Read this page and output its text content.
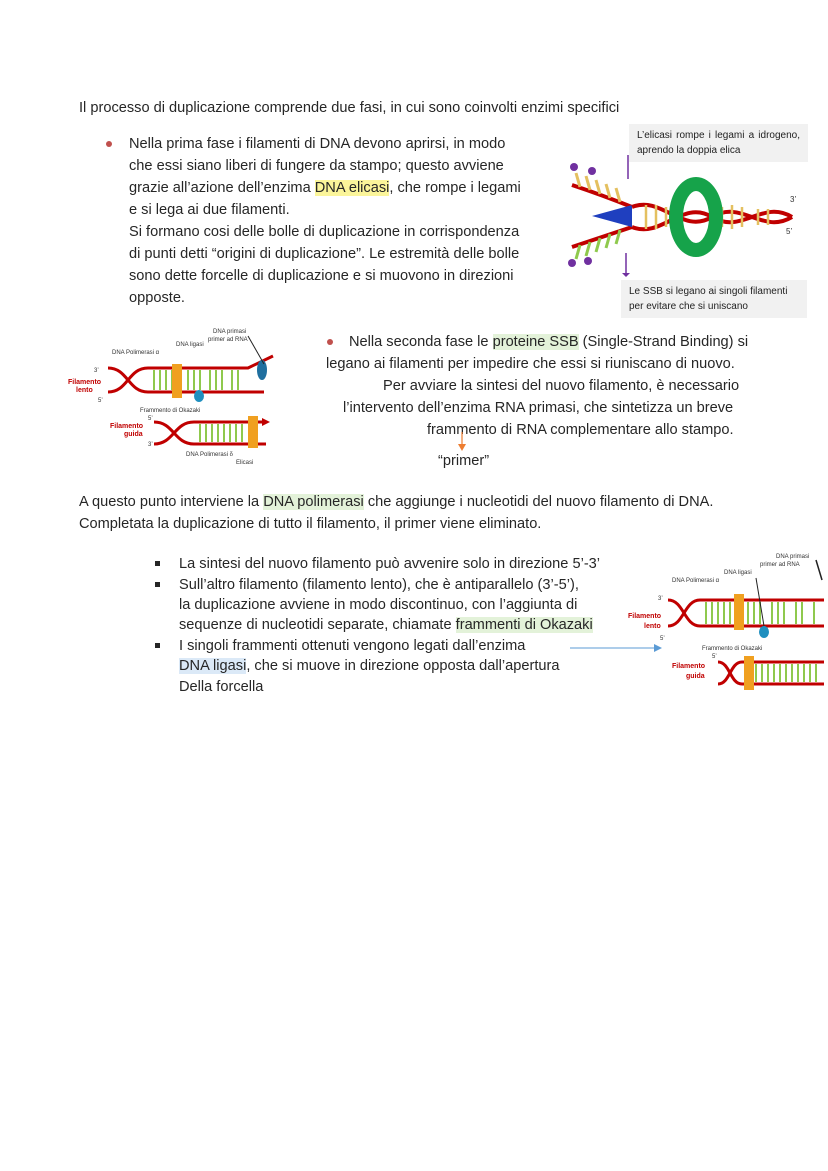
Il processo di duplicazione comprende due fasi, in cui sono coinvolti enzimi specifici
Nella prima fase i filamenti di DNA devono aprirsi, in modo
che essi siano liberi di fungere da stampo; questo avviene
grazie all’azione dell’enzima DNA elicasi, che rompe i legami
e si lega ai due filamenti.
Si formano cosi delle bolle di duplicazione in corrispondenza
di punti detti “origini di duplicazione”. Le estremità delle bolle
sono dette forcelle di duplicazione e si muovono in direzioni
opposte.
L’elicasi rompe i legami a idrogeno, aprendo la doppia elica
3’
5’
Le SSB si legano ai singoli filamenti per evitare che si uniscano
DNA primasi
primer ad RNA
DNA ligasi
DNA Polimerasi α
3’
Filamento
lento
5’
Frammento di Okazaki
5’
Filamento
guida
3’
DNA Polimerasi δ
Elicasi
Nella seconda fase le proteine SSB (Single-Strand Binding) si
legano ai filamenti per impedire che essi si riuniscano di nuovo.
Per avviare la sintesi del nuovo filamento, è necessario
l’intervento dell’enzima RNA primasi, che sintetizza un breve
frammento di RNA complementare allo stampo.
“primer”
A questo punto interviene la DNA polimerasi che aggiunge i nucleotidi del nuovo filamento di DNA.
Completata la duplicazione di tutto il filamento, il primer viene eliminato.
La sintesi del nuovo filamento può avvenire solo in direzione 5’-3’
Sull’altro filamento (filamento lento), che è antiparallelo (3’-5’),
la duplicazione avviene in modo discontinuo, con l’aggiunta di
sequenze di nucleotidi separate, chiamate frammenti di Okazaki
I singoli frammenti ottenuti vengono legati dall’enzima
DNA ligasi, che si muove in direzione opposta dall’apertura
Della forcella
DNA primasi
primer ad RNA
DNA ligasi
DNA Polimerasi α
3’
Filamento
lento
5’
Frammento di Okazaki
5’
Filamento
guida
